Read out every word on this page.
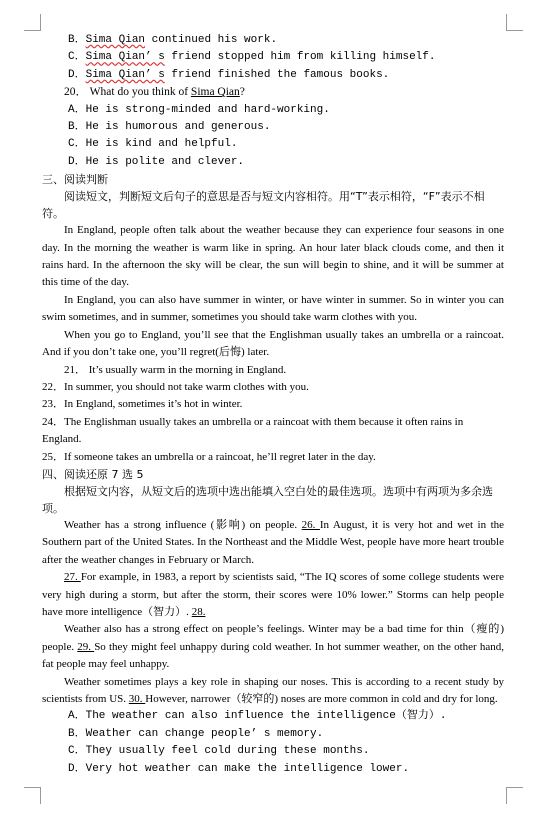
B．Sima Qian continued his work.
C．Sima Qian’ s friend stopped him from killing himself.
D．Sima Qian’ s friend finished the famous books.
20． What do you think of Sima Qian?
A．He is strong-minded and hard-working.
B．He is humorous and generous.
C．He is kind and helpful.
D．He is polite and clever.
三、阅读判断

阅读短文，判断短文后句子的意思是否与短文内容相符。用“T”表示相符，“F”表示不相符。

In England, people often talk about the weather because they can experience four seasons in one day. In the morning the weather is warm like in spring. An hour later black clouds come, and then it rains hard. In the afternoon the sky will be clear, the sun will begin to shine, and it will be summer at this time of the day.

In England, you can also have summer in winter, or have winter in summer. So in winter you can swim sometimes, and in summer, sometimes you should take warm clothes with you.

When you go to England, you’ll see that the Englishman usually takes an umbrella or a raincoat. And if you don’t take one, you’ll regret(后悔) later.

21． It’s usually warm in the morning in England.

22．In summer, you should not take warm clothes with you.

23．In England, sometimes it’s hot in winter.

24．The Englishman usually takes an umbrella or a raincoat with them because it often rains in England.

25．If someone takes an umbrella or a raincoat, he’ll regret later in the day.

四、阅读还原 7 选 5

根据短文内容，从短文后的选项中选出能填入空白处的最佳选项。选项中有两项为多余选项。

Weather has a strong influence (影响) on people. 26. In August, it is very hot and wet in the Southern part of the United States. In the Northeast and the Middle West, people have more heart trouble after the weather changes in February or March.

27. For example, in 1983, a report by scientists said, “The IQ scores of some college students were very high during a storm, but after the storm, their scores were 10% lower.” Storms can help people have more intelligence（智力）. 28.

Weather also has a strong effect on people’s feelings. Winter may be a bad time for thin（瘦的) people. 29. So they might feel unhappy during cold weather. In hot summer weather, on the other hand, fat people may feel unhappy.

Weather sometimes plays a key role in shaping our noses. This is according to a recent study by scientists from US. 30. However, narrower（较窄的) noses are more common in cold and dry for long.

A．The weather can also influence the intelligence（智力）.
B．Weather can change people’ s memory.
C．They usually feel cold during these months.
D．Very hot weather can make the intelligence lower.
